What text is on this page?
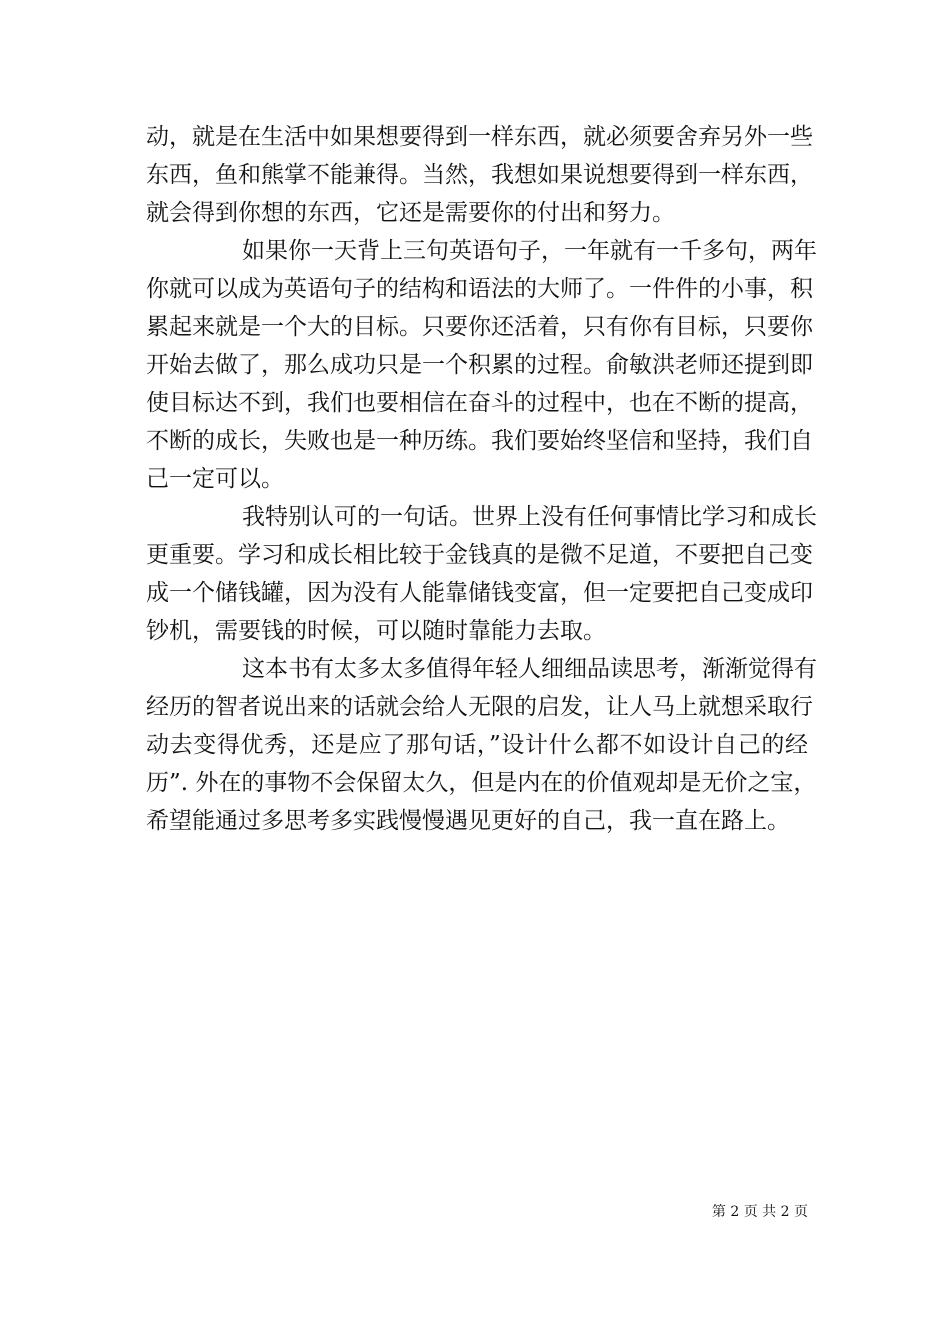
动，就是在生活中如果想要得到一样东西，就必须要舍弃另外一些
东西，鱼和熊掌不能兼得。当然，我想如果说想要得到一样东西，
就会得到你想的东西，它还是需要你的付出和努力。
如果你一天背上三句英语句子，一年就有一千多句，两年
你就可以成为英语句子的结构和语法的大师了。一件件的小事，积
累起来就是一个大的目标。只要你还活着，只有你有目标，只要你
开始去做了，那么成功只是一个积累的过程。俞敏洪老师还提到即
使目标达不到，我们也要相信在奋斗的过程中，也在不断的提高，
不断的成长，失败也是一种历练。我们要始终坚信和坚持，我们自
己一定可以。
我特别认可的一句话。世界上没有任何事情比学习和成长
更重要。学习和成长相比较于金钱真的是微不足道，不要把自己变
成一个储钱罐，因为没有人能靠储钱变富，但一定要把自己变成印
钞机，需要钱的时候，可以随时靠能力去取。
这本书有太多太多值得年轻人细细品读思考，渐渐觉得有
经历的智者说出来的话就会给人无限的启发，让人马上就想采取行
动去变得优秀，还是应了那句话，”设计什么都不如设计自己的经
历”. 外在的事物不会保留太久，但是内在的价值观却是无价之宝，
希望能通过多思考多实践慢慢遇见更好的自己，我一直在路上。
第 2 页 共 2 页
